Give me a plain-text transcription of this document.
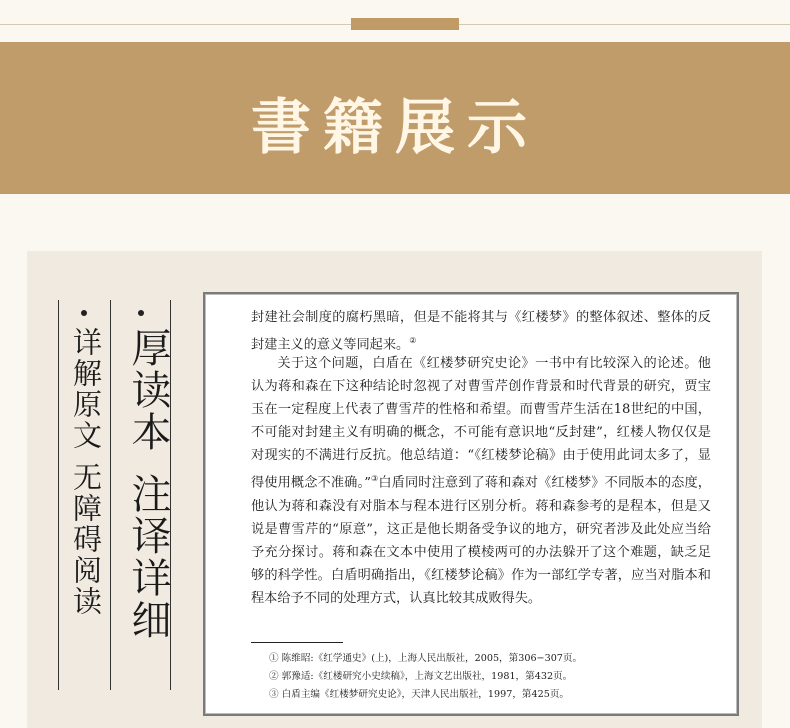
書籍展示
详解原文 无障碍阅读 厚读本
注译详细

封建社会制度的腐朽黑暗，但是不能将其与《红楼梦》的整体叙述、整体的反封建主义的意义等同起来。②

关于这个问题，白盾在《红楼梦研究史论》一书中有比较深入的论述。他认为蒋和森在下这种结论时忽视了对曹雪芹创作背景和时代背景的研究，贾宝玉在一定程度上代表了曹雪芹的性格和希望。而曹雪芹生活在18世纪的中国，不可能对封建主义有明确的概念，不可能有意识地“反封建”，红楼人物仅仅是对现实的不满进行反抗。他总结道：“《红楼梦论稿》由于使用此词太多了，显得使用概念不准确。”③白盾同时注意到了蒋和森对《红楼梦》不同版本的态度，他认为蒋和森没有对脂本与程本进行区别分析。蒋和森参考的是程本，但是又说是曹雪芹的“原意”，这正是他长期备受争议的地方，研究者涉及此处应当给予充分探讨。蒋和森在文本中使用了模棱两可的办法躲开了这个难题，缺乏足够的科学性。白盾明确指出，《红楼梦论稿》作为一部红学专著，应当对脂本和程本给予不同的处理方式，认真比较其成败得失。

① 陈维昭:《红学通史》(上)，上海人民出版社，2005，第306−307页。
② 郭豫适:《红楼研究小史续稿》，上海文艺出版社，1981，第432页。
③ 白盾主编《红楼梦研究史论》，天津人民出版社，1997，第425页。
